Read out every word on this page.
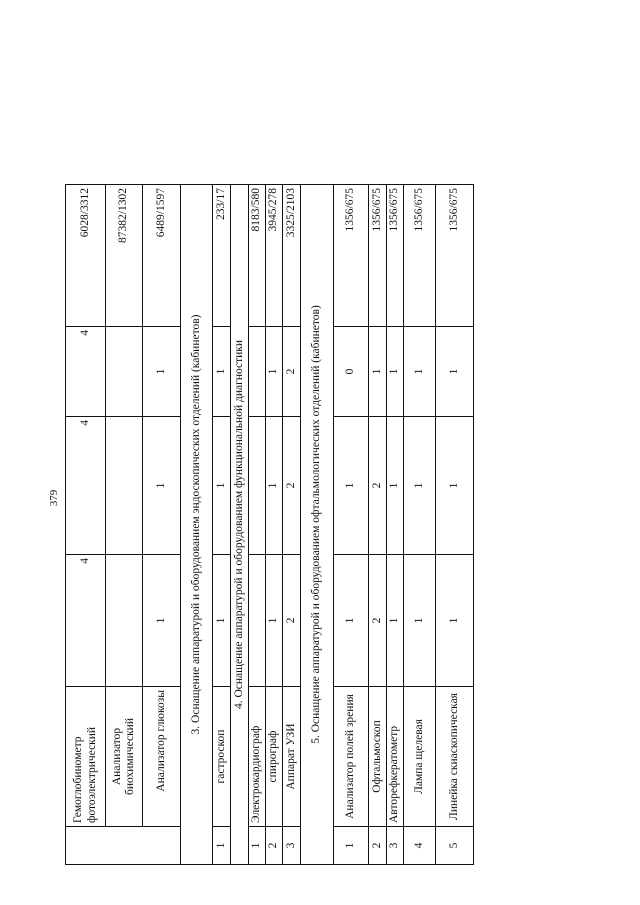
379
	Гемоглобинометр фотоэлектрический	4	4	4	6028/3312
	Анализатор биохимический				87382/1302
	Анализатор глюкозы	1	1	1	6489/1597
3. Оснащение аппаратурой и оборудованием эндоскопических отделений (кабинетов)					
1	гастроскоп	1	1	1	233/17
4. Оснащение аппаратурой и оборудованием функциональной диагностики					
1	Электрокардиограф				8183/580
2	спирограф	1	1	1	3945/278
3	Аппарат УЗИ	2	2	2	3325/2103
5. Оснащение аппаратурой и оборудованием офтальмологических отделений (кабинетов)					
1	Анализатор полей зрения	1	1	0	1356/675
2	Офтальмоскоп	2	2	1	1356/675
3	Авторефкератометр	1	1	1	1356/675
4	Лампа щелевая	1	1	1	1356/675
5	Линейка скиаскопическая	1	1	1	1356/675
